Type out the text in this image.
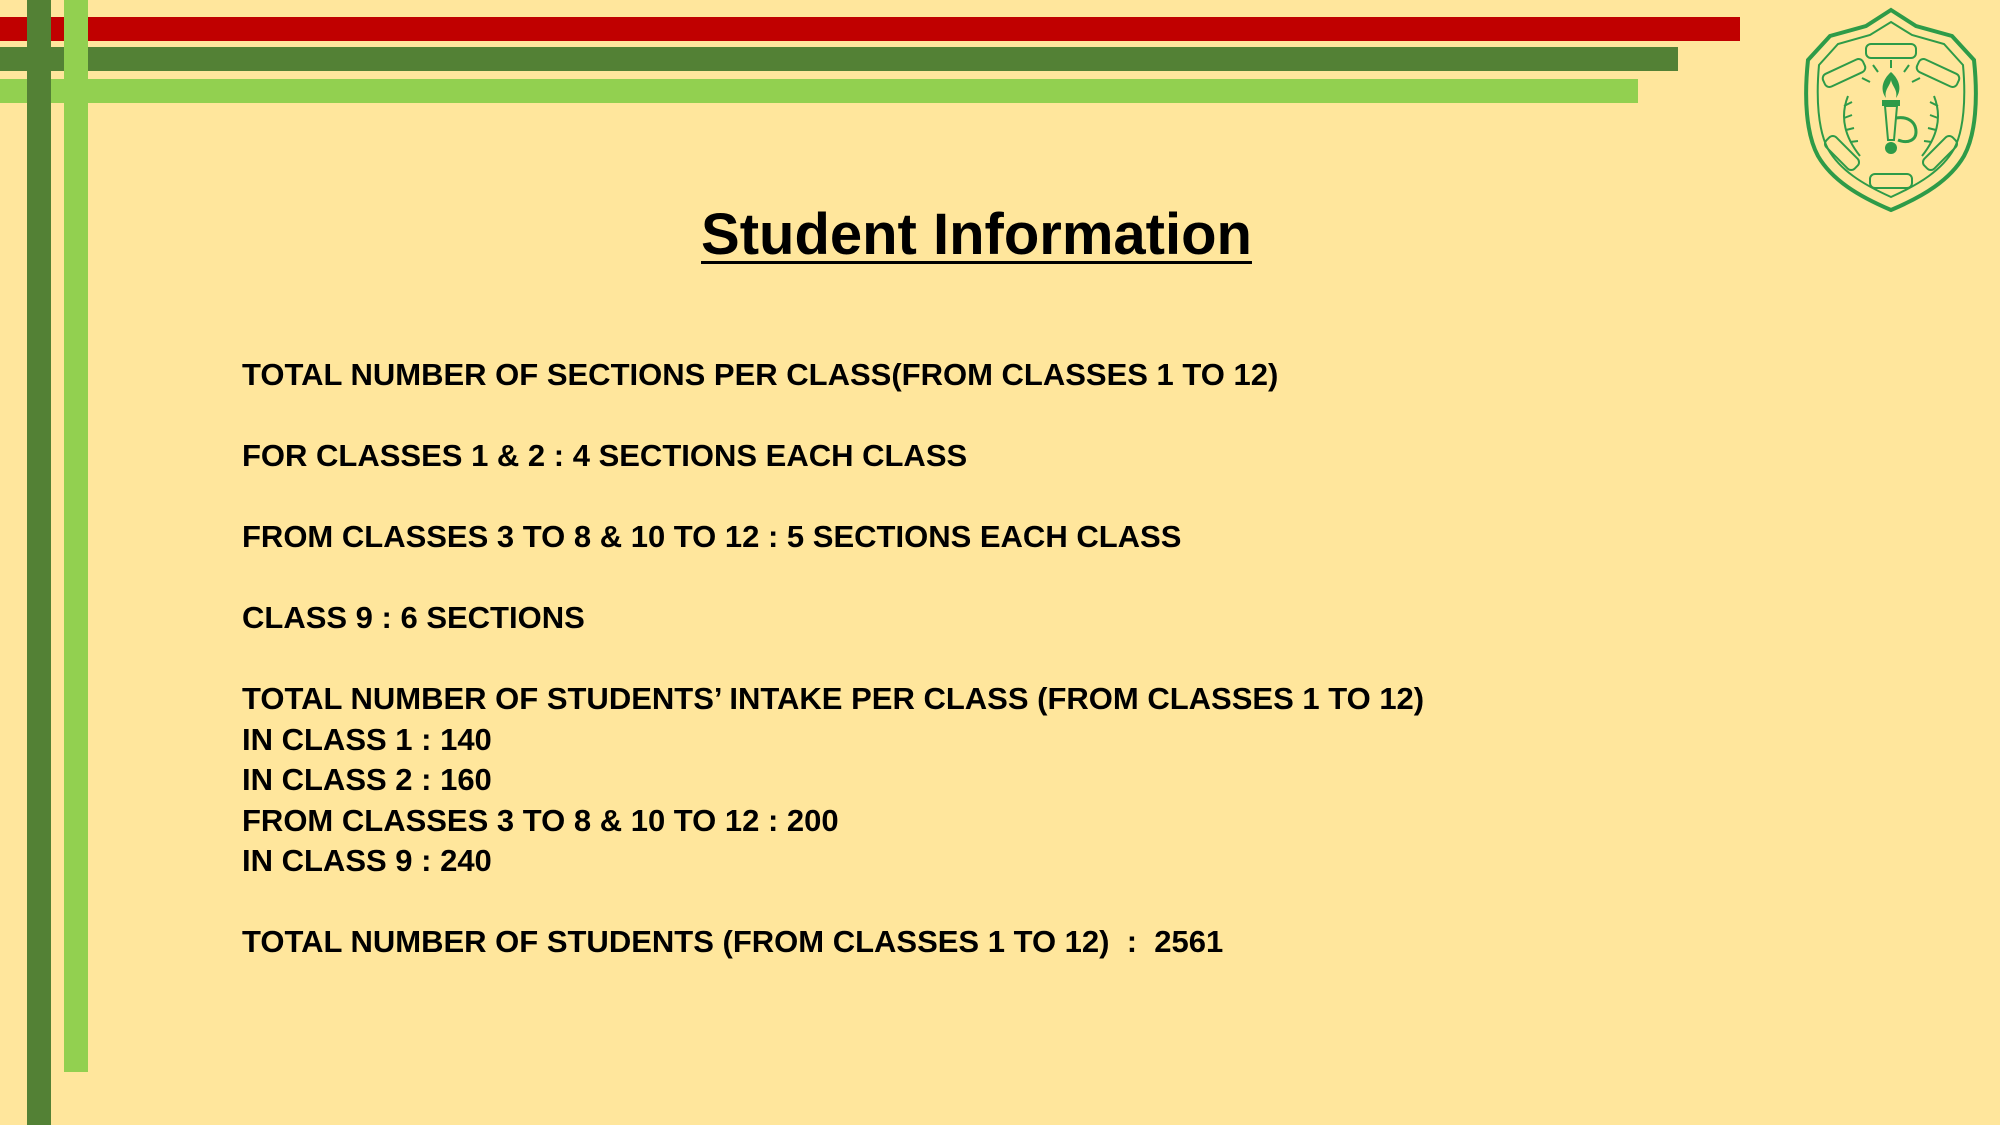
Student Information
TOTAL NUMBER OF SECTIONS PER CLASS(FROM CLASSES 1 TO 12)
FOR CLASSES 1 & 2 : 4 SECTIONS EACH CLASS
FROM CLASSES 3 TO 8 & 10 TO 12 : 5 SECTIONS EACH CLASS
CLASS 9 : 6 SECTIONS
TOTAL NUMBER OF STUDENTS’ INTAKE PER CLASS (FROM CLASSES 1 TO 12)
IN CLASS 1 : 140
IN CLASS 2 : 160
FROM CLASSES 3 TO 8 & 10 TO 12 : 200
IN CLASS 9 : 240
TOTAL NUMBER OF STUDENTS (FROM CLASSES 1 TO 12)  :  2561
